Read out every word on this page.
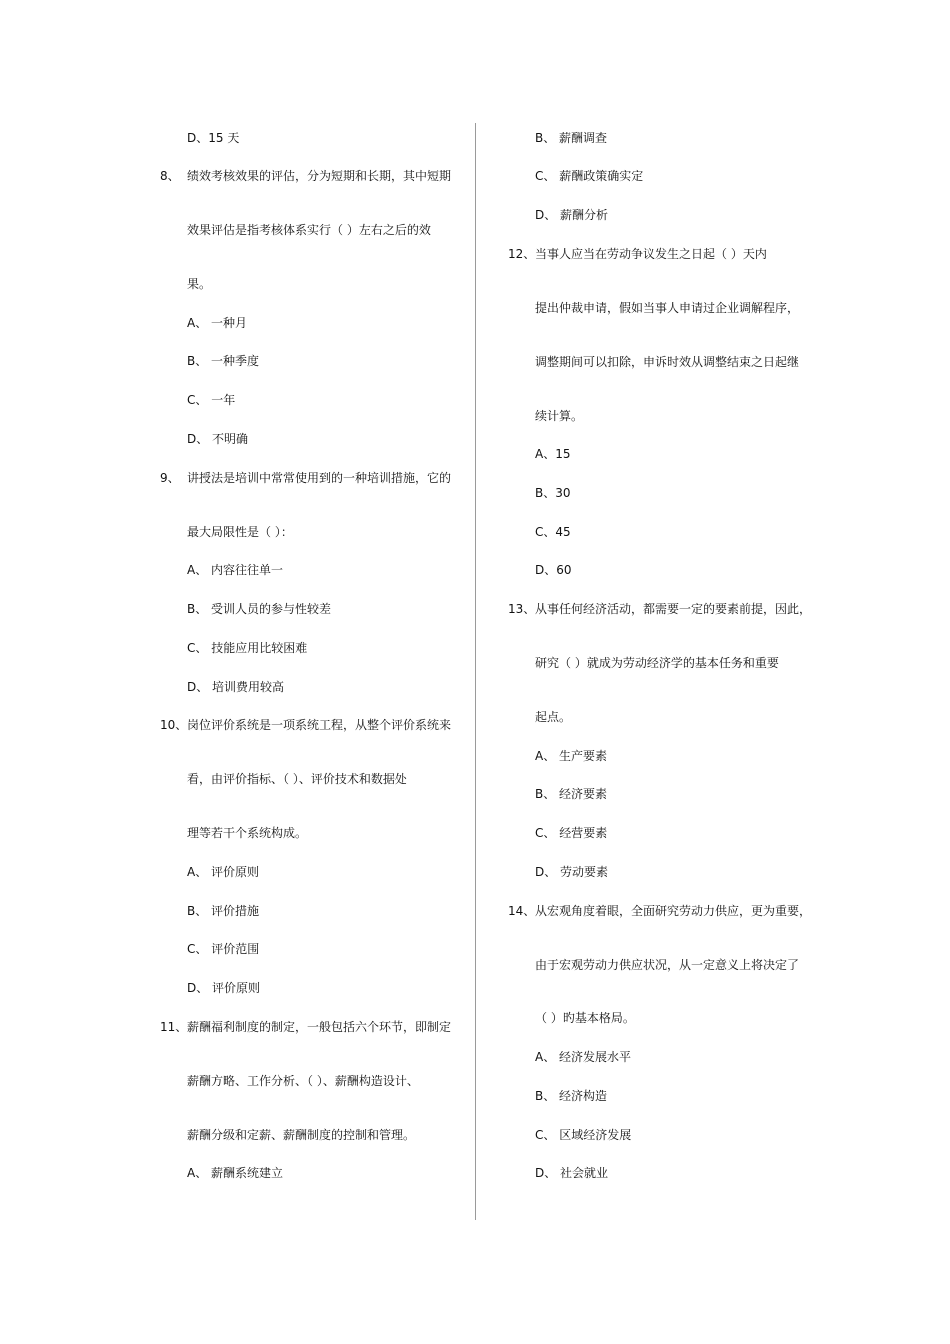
D、15 天
8、 绩效考核效果的评估，分为短期和长期，其中短期
效果评估是指考核体系实行（ ）左右之后的效
果。
A、 一种月
B、 一种季度
C、 一年
D、 不明确
9、 讲授法是培训中常常使用到的一种培训措施，它的
最大局限性是（ ）：
A、 内容往往单一
B、 受训人员的参与性较差
C、 技能应用比较困难
D、 培训费用较高
10、 岗位评价系统是一项系统工程，从整个评价系统来
看，由评价指标、（ ）、评价技术和数据处
理等若干个系统构成。
A、 评价原则
B、 评价措施
C、 评价范围
D、 评价原则
11、 薪酬福利制度的制定，一般包括六个环节，即制定
薪酬方略、工作分析、（ ）、薪酬构造设计、
薪酬分级和定薪、薪酬制度的控制和管理。
A、 薪酬系统建立
B、 薪酬调查
C、 薪酬政策确实定
D、 薪酬分析
12、 当事人应当在劳动争议发生之日起（ ）天内
提出仲裁申请，假如当事人申请过企业调解程序，
调整期间可以扣除，申诉时效从调整结束之日起继
续计算。
A、15
B、30
C、45
D、60
13、 从事任何经济活动，都需要一定的要素前提，因此，
研究（ ）就成为劳动经济学的基本任务和重要
起点。
A、 生产要素
B、 经济要素
C、 经营要素
D、 劳动要素
14、 从宏观角度着眼，全面研究劳动力供应，更为重要，
由于宏观劳动力供应状况，从一定意义上将决定了
（ ）旳基本格局。
A、 经济发展水平
B、 经济构造
C、 区域经济发展
D、 社会就业
